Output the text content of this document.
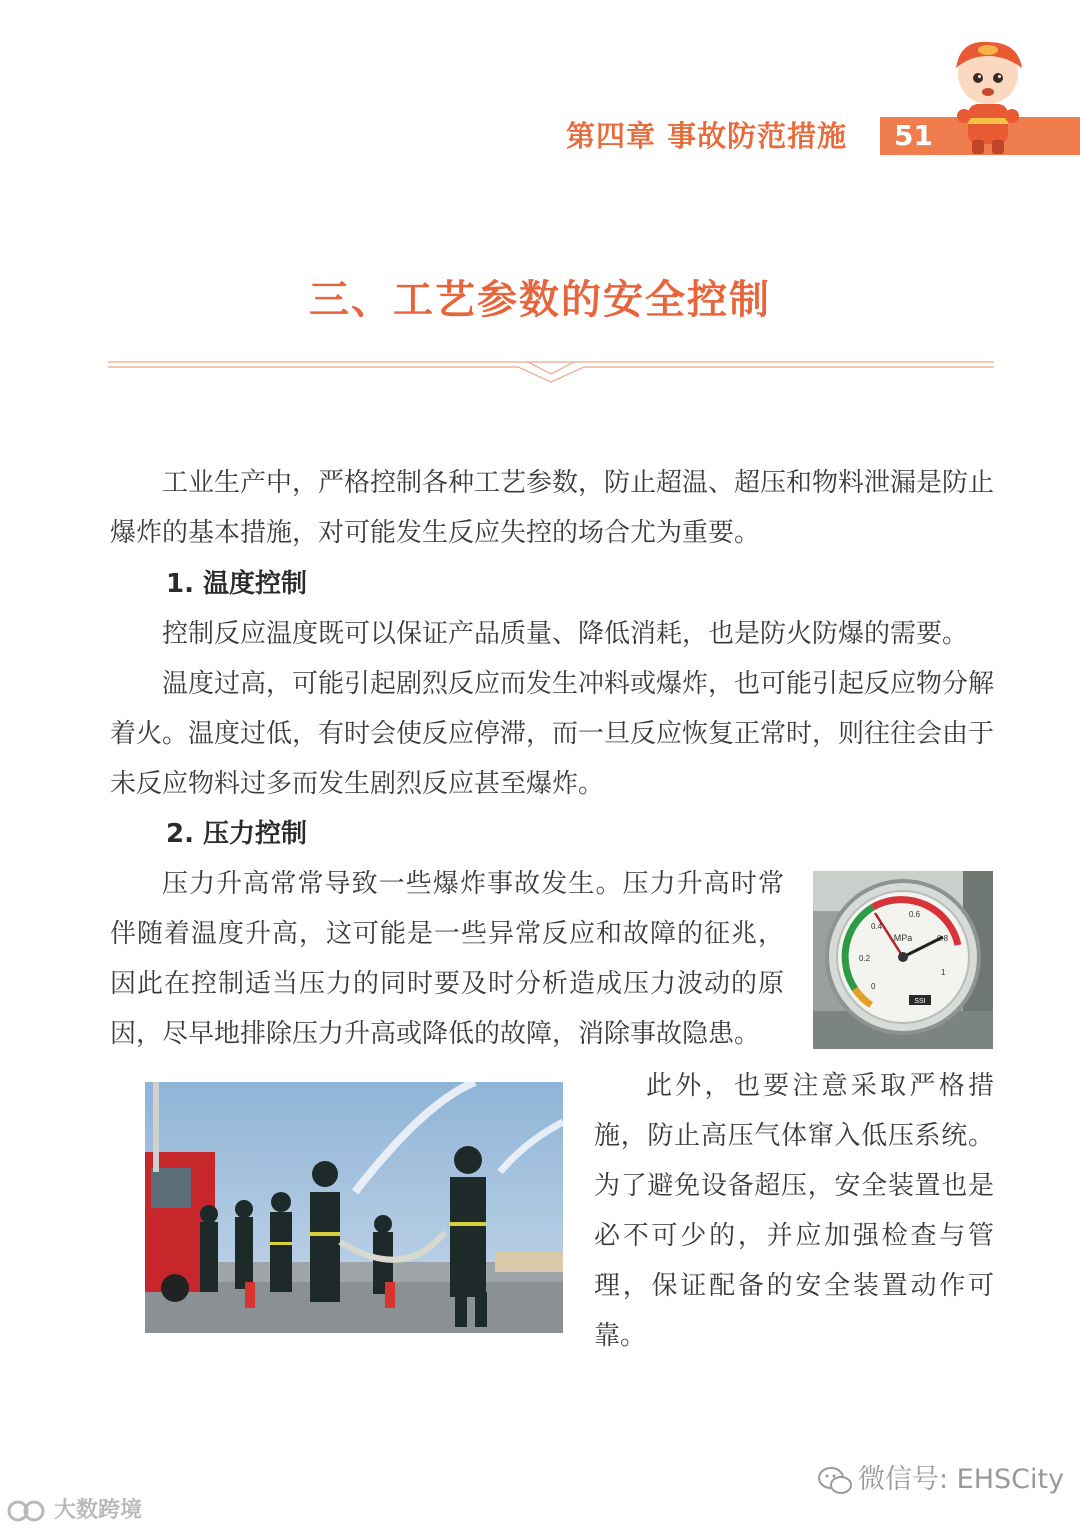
第四章 事故防范措施 51
三、工艺参数的安全控制

工业生产中，严格控制各种工艺参数，防止超温、超压和物料泄漏是防止爆炸的基本措施，对可能发生反应失控的场合尤为重要。

1. 温度控制

控制反应温度既可以保证产品质量、降低消耗，也是防火防爆的需要。

温度过高，可能引起剧烈反应而发生冲料或爆炸，也可能引起反应物分解着火。温度过低，有时会使反应停滞，而一旦反应恢复正常时，则往往会由于未反应物料过多而发生剧烈反应甚至爆炸。

2. 压力控制

压力升高常常导致一些爆炸事故发生。压力升高时常伴随着温度升高，这可能是一些异常反应和故障的征兆，因此在控制适当压力的同时要及时分析造成压力波动的原因，尽早地排除压力升高或降低的故障，消除事故隐患。

此外，也要注意采取严格措施，防止高压气体窜入低压系统。为了避免设备超压，安全装置也是必不可少的，并应加强检查与管理，保证配备的安全装置动作可靠。

MPa
0
0.2
0.4
0.6
0.8
1
SSI
微信号: EHSCity
大数跨境
